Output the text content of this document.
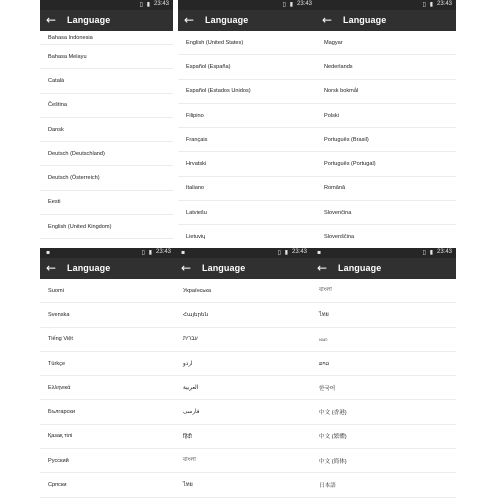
▯ ▮ 23:43
← Language
Bahasa Indonesia
Bahasa Melayu
Català
Čeština
Dansk
Deutsch (Deutschland)
Deutsch (Österreich)
Eesti
English (United Kingdom)
▯ ▮ 23:43
← Language
English (United States)
Español (España)
Español (Estados Unidos)
Filipino
Français
Hrvatski
Italiano
Latviešu
Lietuvių
▯ ▮ 23:43
← Language
Magyar
Nederlands
Norsk bokmål
Polski
Português (Brasil)
Português (Portugal)
Română
Slovenčina
Slovenščina
▪	▯ ▮ 23:43
← Language
Suomi
Svenska
Tiếng Việt
Türkçe
Ελληνικά
Български
Қазақ тілі
Русский
Српски
▪	▯ ▮ 23:43
← Language
Українська
Հայերեն
עברית
اردو
العربية
فارسی
हिंदी
বাংলা
ไทย
▪	▯ ▮ 23:43
← Language
বাংলা
ไทย
ဗမာ
ລາວ
한국어
中文 (香港)
中文 (繁體)
中文 (简体)
日本語
